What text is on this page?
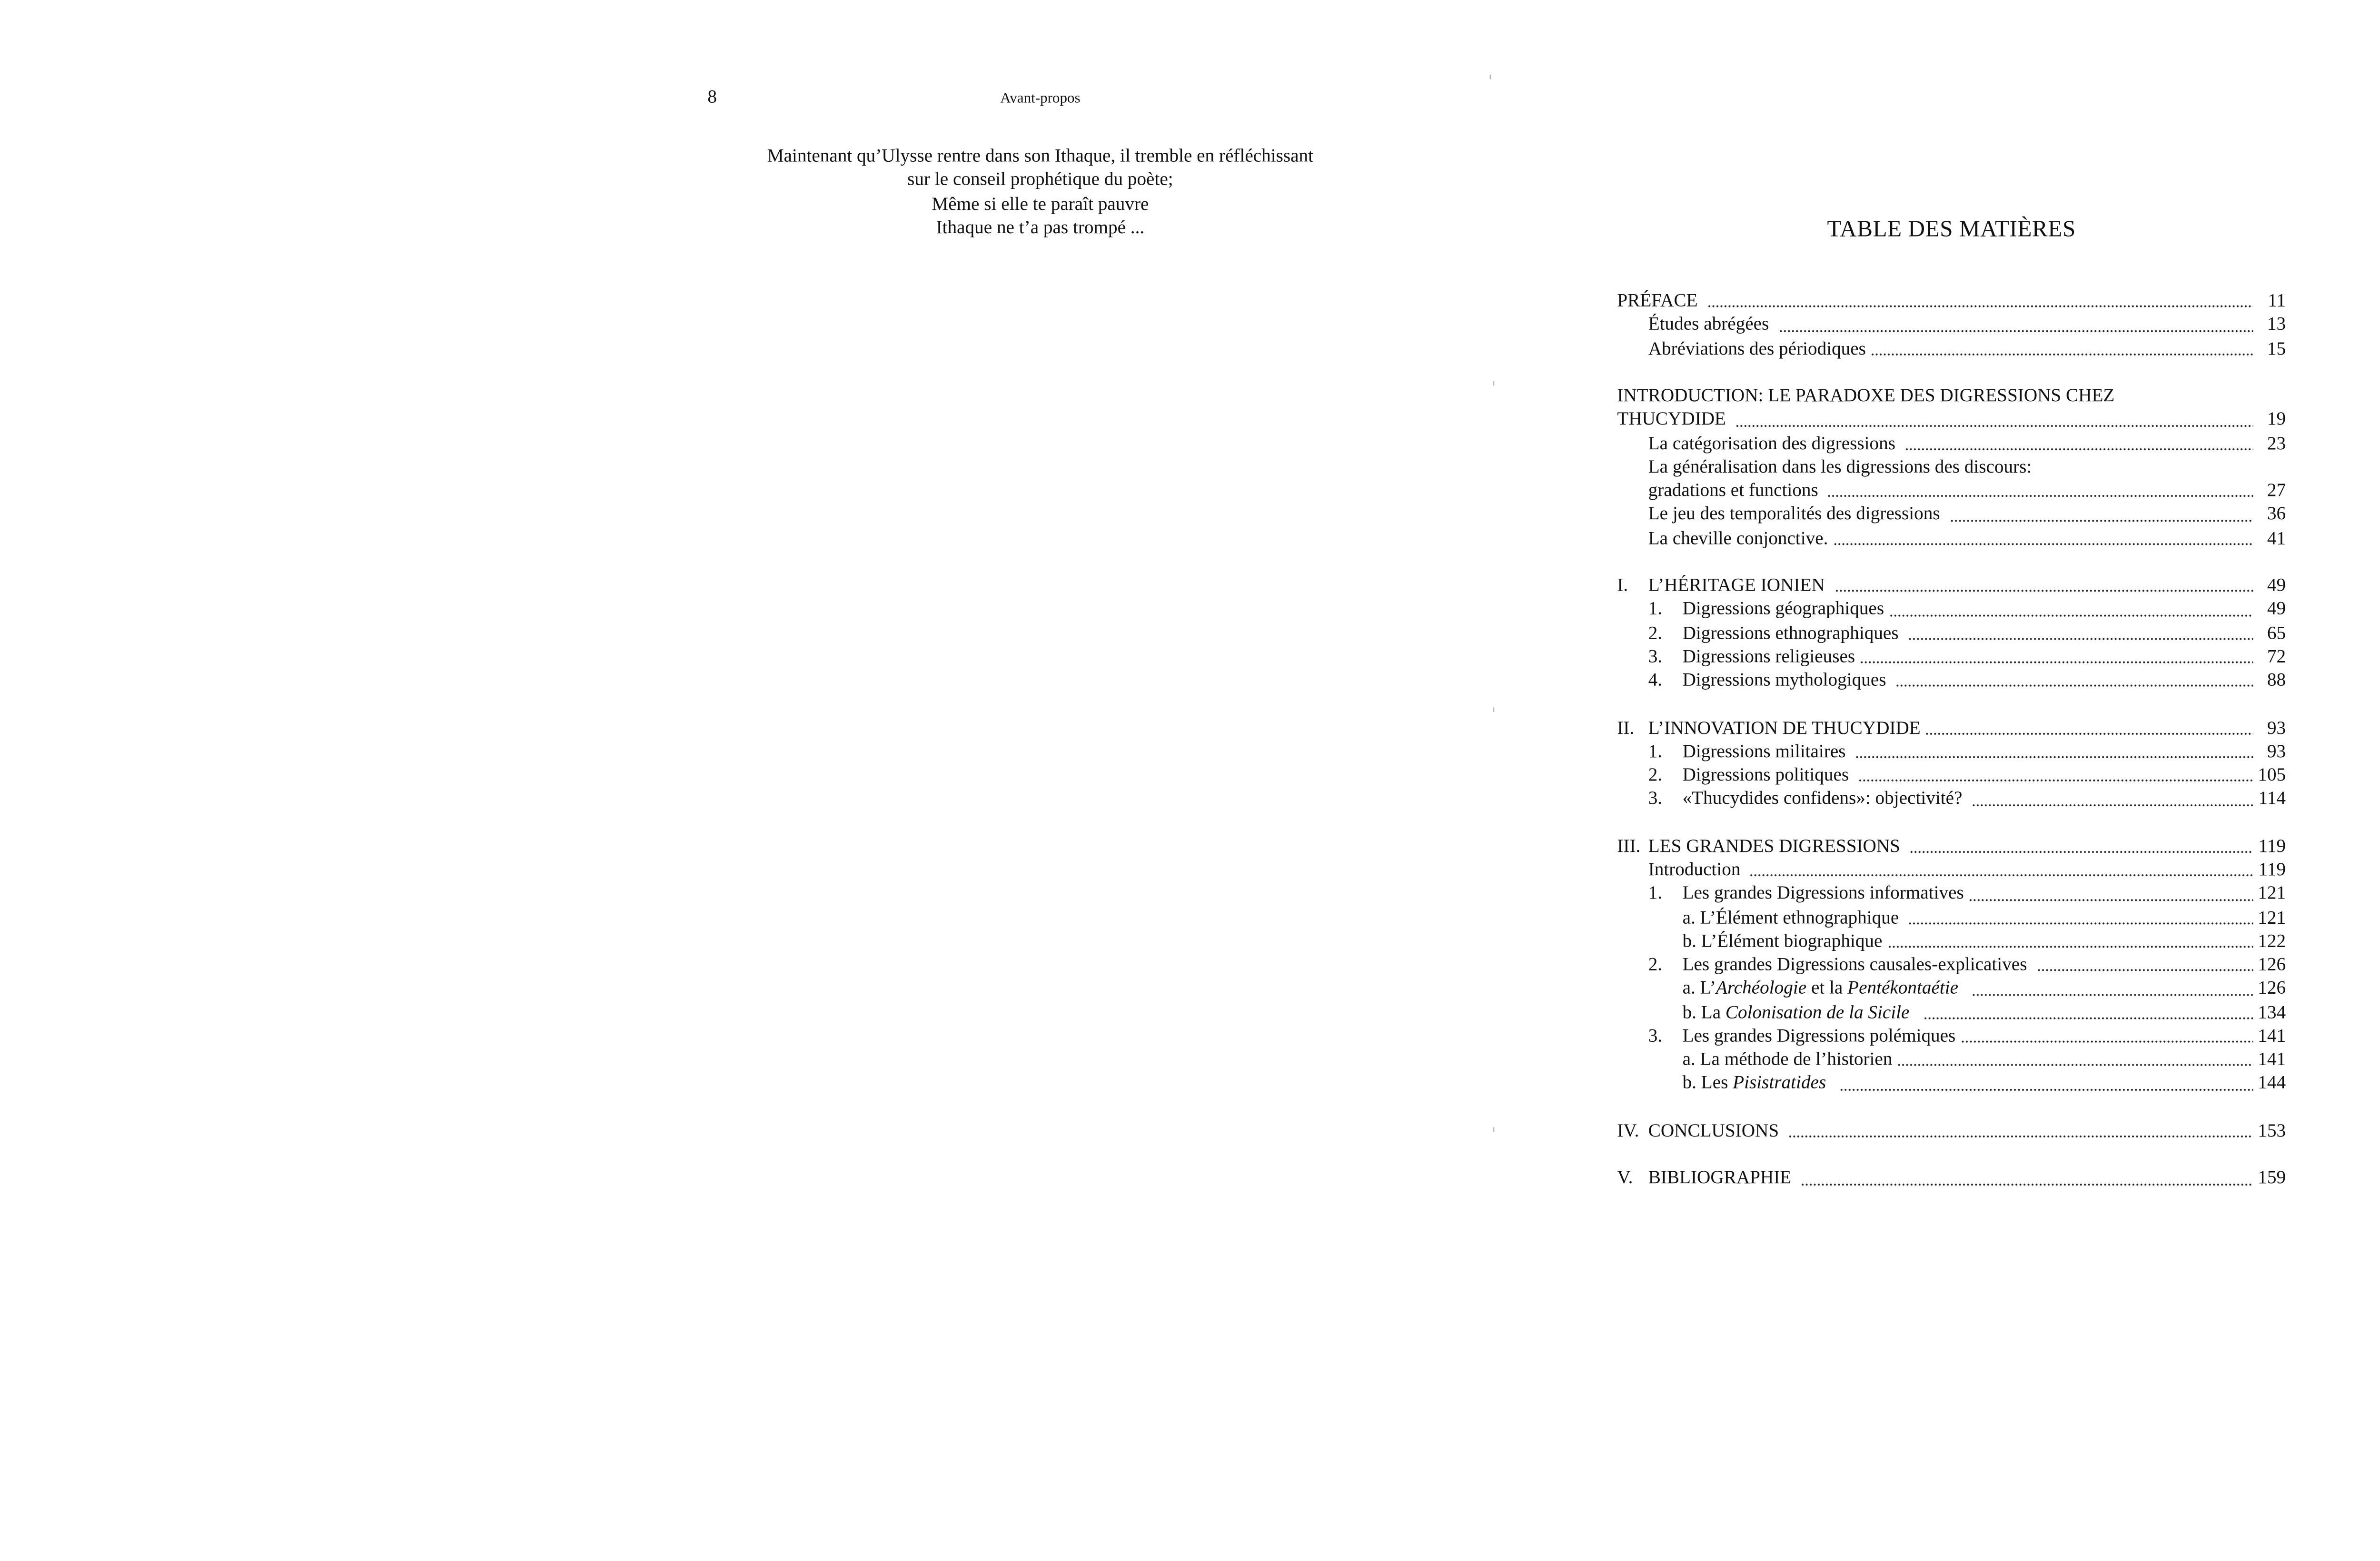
8	Avant-propos
Maintenant qu’Ulysse rentre dans son Ithaque, il tremble en réfléchissant
sur le conseil prophétique du poète;
Même si elle te paraît pauvre
Ithaque ne t’a pas trompé ...	TABLE DES MATIÈRES
PRÉFACE	11
Études abrégées	13
Abréviations des périodiques	15
INTRODUCTION: LE PARADOXE DES DIGRESSIONS CHEZ
THUCYDIDE	19
La catégorisation des digressions	23
La généralisation dans les digressions des discours:
gradations et functions	27
Le jeu des temporalités des digressions	36
La cheville conjonctive.	41
I.	L’HÉRITAGE IONIEN	49
1.	Digressions géographiques	49
2.	Digressions ethnographiques	65
3.	Digressions religieuses	72
4.	Digressions mythologiques	88
II.	L’INNOVATION DE THUCYDIDE	93
1.	Digressions militaires	93
2.	Digressions politiques	105
3.	«Thucydides confidens»: objectivité?	114
III.	LES GRANDES DIGRESSIONS	119
Introduction	119
1.	Les grandes Digressions informatives	121
a. L’Élément ethnographique	121
b. L’Élément biographique	122
2.	Les grandes Digressions causales-explicatives	126
a. L’Archéologie et la Pentékontaétie	126
b. La Colonisation de la Sicile	134
3.	Les grandes Digressions polémiques	141
a. La méthode de l’historien	141
b. Les Pisistratides	144
IV.	CONCLUSIONS	153
V.	BIBLIOGRAPHIE	159
